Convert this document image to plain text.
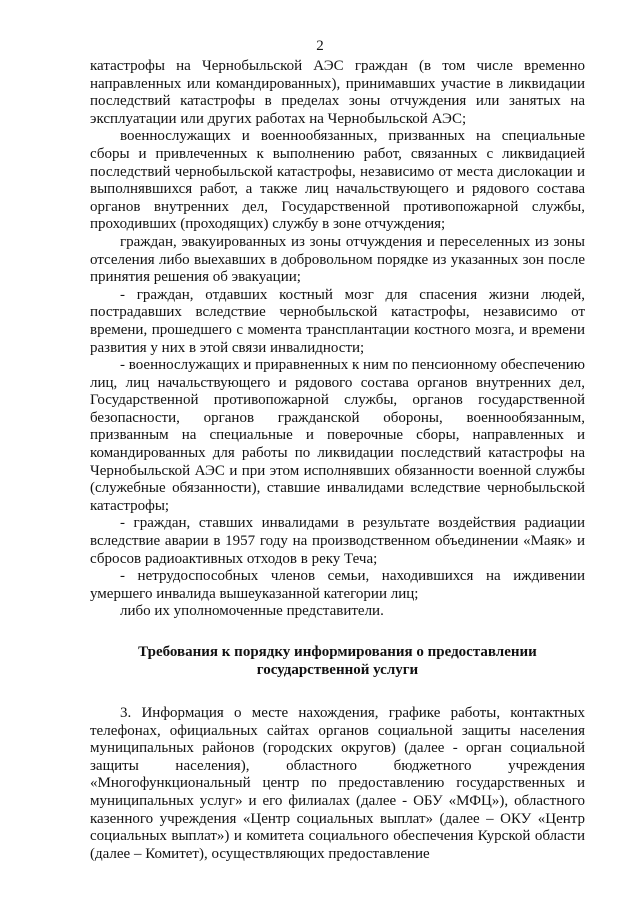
2

катастрофы на Чернобыльской АЭС граждан (в том числе временно направленных или командированных), принимавших участие в ликвидации последствий катастрофы в пределах зоны отчуждения или занятых на эксплуатации или других работах на Чернобыльской АЭС;

военнослужащих и военнообязанных, призванных на специальные сборы и привлеченных к выполнению работ, связанных с ликвидацией последствий чернобыльской катастрофы, независимо от места дислокации и выполнявшихся работ, а также лиц начальствующего и рядового состава органов внутренних дел, Государственной противопожарной службы, проходивших (проходящих) службу в зоне отчуждения;

граждан, эвакуированных из зоны отчуждения и переселенных из зоны отселения либо выехавших в добровольном порядке из указанных зон после принятия решения об эвакуации;

- граждан, отдавших костный мозг для спасения жизни людей, пострадавших вследствие чернобыльской катастрофы, независимо от времени, прошедшего с момента трансплантации костного мозга, и времени развития у них в этой связи инвалидности;

- военнослужащих и приравненных к ним по пенсионному обеспечению лиц, лиц начальствующего и рядового состава органов внутренних дел, Государственной противопожарной службы, органов государственной безопасности, органов гражданской обороны, военнообязанным, призванным на специальные и поверочные сборы, направленных и командированных для работы по ликвидации последствий катастрофы на Чернобыльской АЭС и при этом исполнявших обязанности военной службы (служебные обязанности), ставшие инвалидами вследствие чернобыльской катастрофы;

- граждан, ставших инвалидами в результате воздействия радиации вследствие аварии в 1957 году на производственном объединении «Маяк» и сбросов радиоактивных отходов в реку Теча;

- нетрудоспособных членов семьи, находившихся на иждивении умершего инвалида вышеуказанной категории лиц;

либо их уполномоченные представители.

Требования к порядку информирования о предоставлении
государственной услуги

3. Информация о месте нахождения, графике работы, контактных телефонах, официальных сайтах органов социальной защиты населения муниципальных районов (городских округов) (далее - орган социальной защиты населения), областного бюджетного учреждения «Многофункциональный центр по предоставлению государственных и муниципальных услуг» и его филиалах (далее - ОБУ «МФЦ»), областного казенного учреждения «Центр социальных выплат» (далее – ОКУ «Центр социальных выплат») и комитета социального обеспечения Курской области (далее – Комитет), осуществляющих предоставление
